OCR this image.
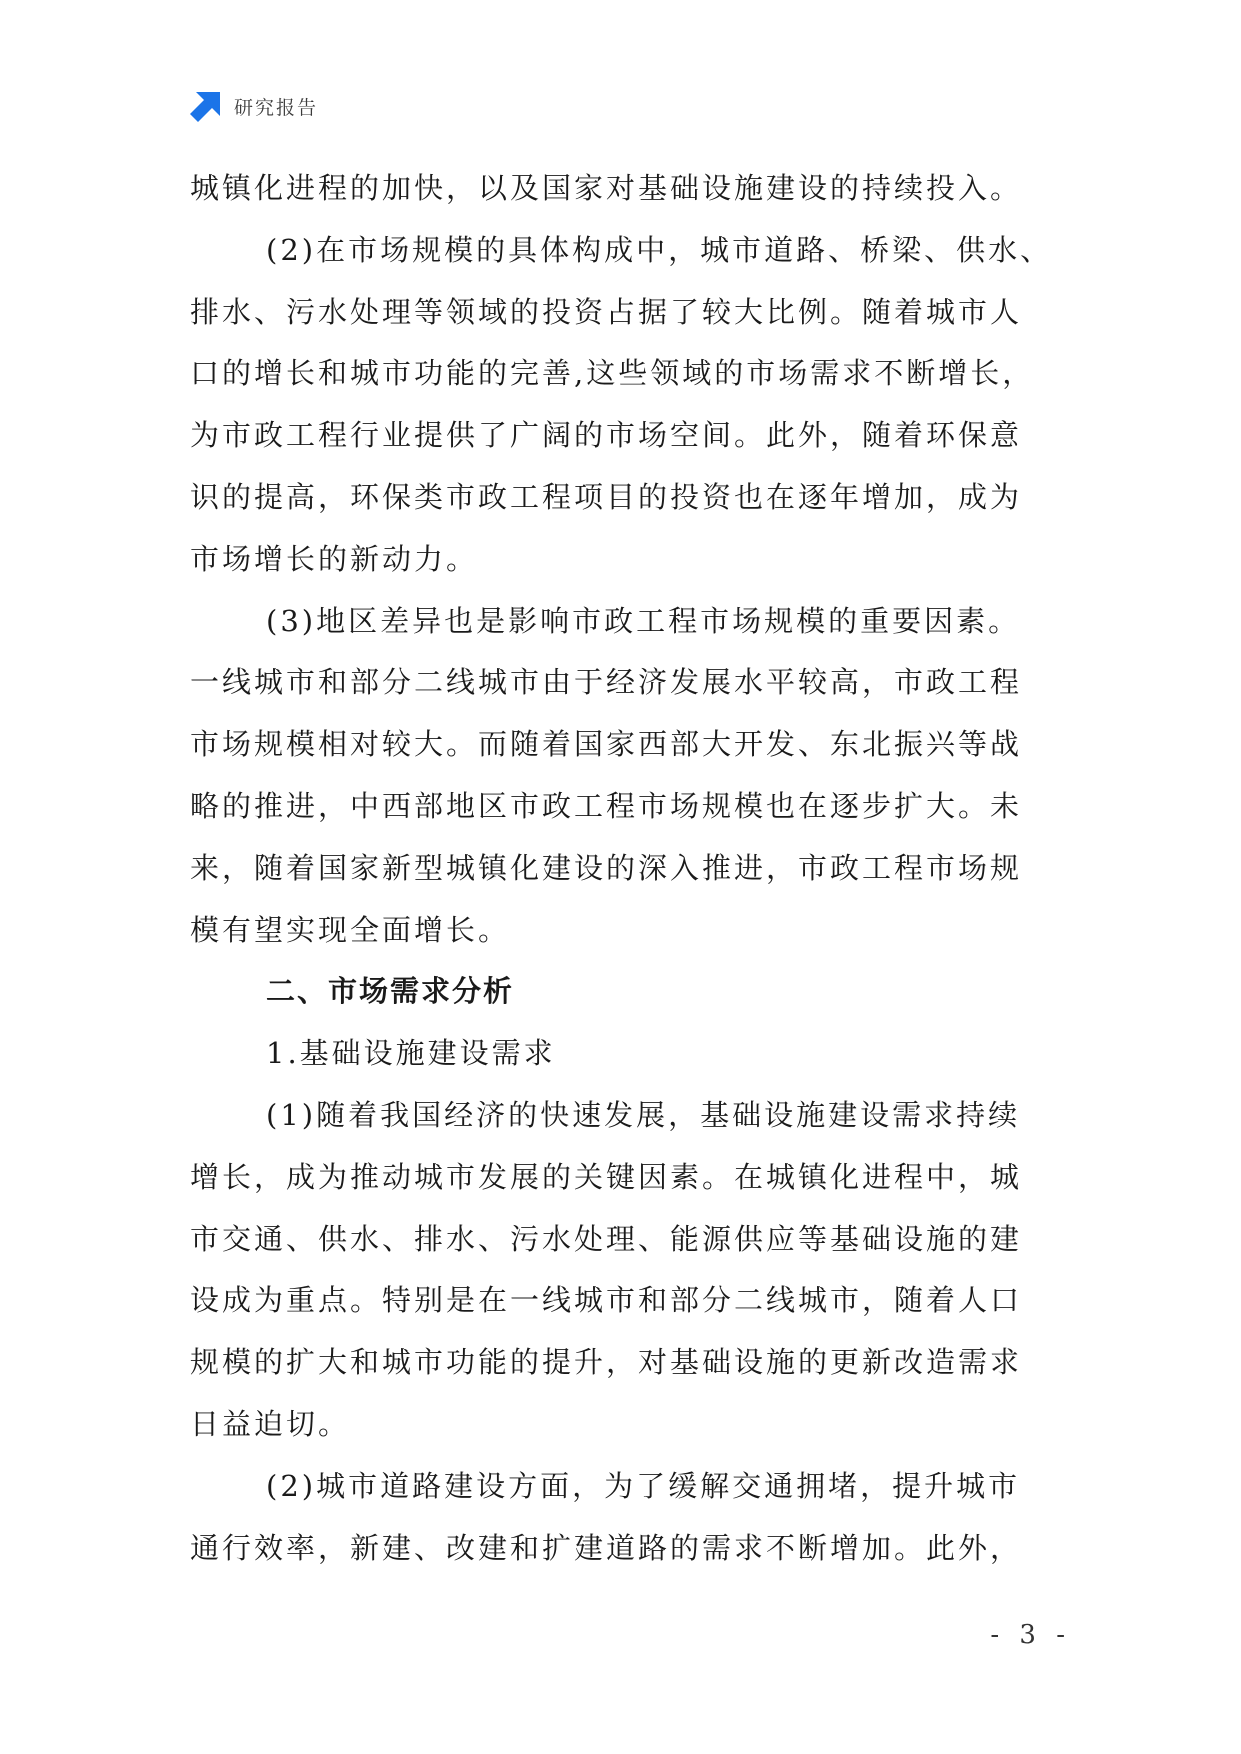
研究报告
城镇化进程的加快，以及国家对基础设施建设的持续投入。
(2)在市场规模的具体构成中，城市道路、桥梁、供水、
排水、污水处理等领域的投资占据了较大比例。随着城市人
口的增长和城市功能的完善,这些领域的市场需求不断增长，
为市政工程行业提供了广阔的市场空间。此外，随着环保意
识的提高，环保类市政工程项目的投资也在逐年增加，成为
市场增长的新动力。
(3)地区差异也是影响市政工程市场规模的重要因素。
一线城市和部分二线城市由于经济发展水平较高，市政工程
市场规模相对较大。而随着国家西部大开发、东北振兴等战
略的推进，中西部地区市政工程市场规模也在逐步扩大。未
来，随着国家新型城镇化建设的深入推进，市政工程市场规
模有望实现全面增长。
二、市场需求分析
1.基础设施建设需求
(1)随着我国经济的快速发展，基础设施建设需求持续
增长，成为推动城市发展的关键因素。在城镇化进程中，城
市交通、供水、排水、污水处理、能源供应等基础设施的建
设成为重点。特别是在一线城市和部分二线城市，随着人口
规模的扩大和城市功能的提升，对基础设施的更新改造需求
日益迫切。
(2)城市道路建设方面，为了缓解交通拥堵，提升城市
通行效率，新建、改建和扩建道路的需求不断增加。此外，
- 3 -
